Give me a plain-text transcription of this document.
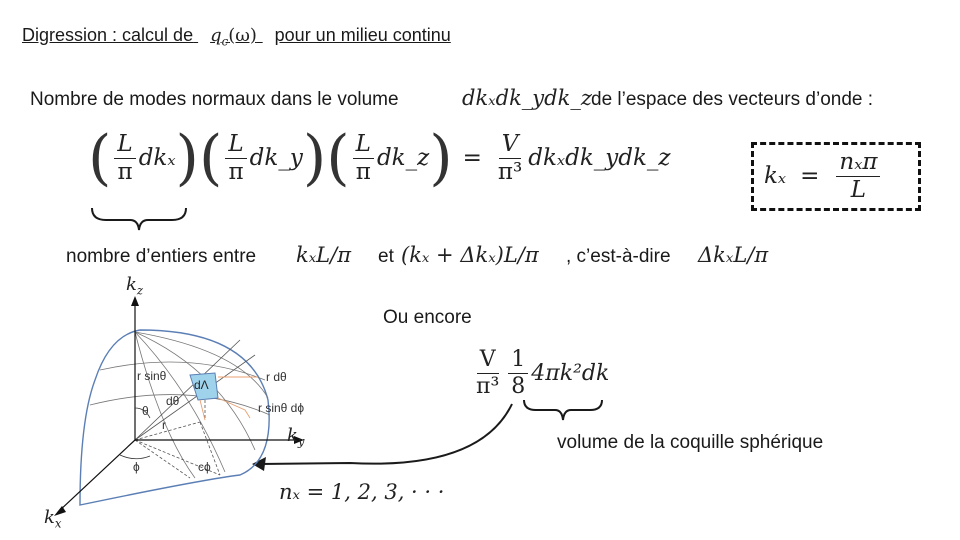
Digression : calcul de $q_c(\omega)$ pour un milieu continu
Nombre de modes normaux dans le volume	dkₓdk_ydk_z de l’espace des vecteurs d’onde :
( $\frac{L}{\pi}$ dkₓ ) ( $\frac{L}{\pi}$ dk_y ) ( $\frac{L}{\pi}$ dk_z ) = $\frac{V}{\text{π³}}$ dkₓdk_ydk_z
$k_x = \frac{\text{nₓπ}}{L}$
nombre d’entiers entre kₓL/π et (kₓ + Δkₓ)L/π , c’est-à-dire ΔkₓL/π
Ou encore
$\frac{V}{\text{π³}} \frac{1}{8} 4\pi k^2dk$
volume de la coquille sphérique
nₓ = 1, 2, 3, · · ·
$k_z$
$k_y$
$k_x$
r sinθ
dΛ
r dθ
dθ
θ	r sinθ dϕ
r
ϕ	cϕ
